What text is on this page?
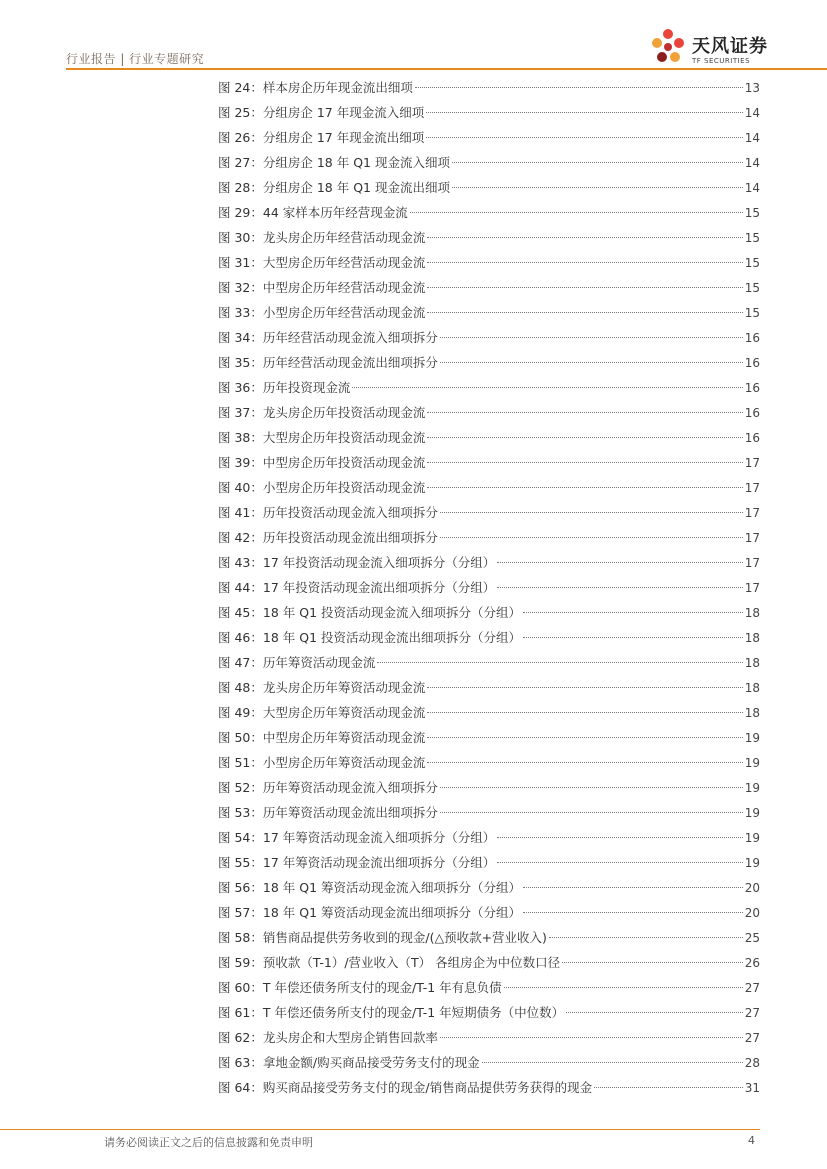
行业报告 | 行业专题研究
天风证券
TF SECURITIES
图 24：样本房企历年现金流出细项	13
图 25：分组房企 17 年现金流入细项	14
图 26：分组房企 17 年现金流出细项	14
图 27：分组房企 18 年 Q1 现金流入细项	14
图 28：分组房企 18 年 Q1 现金流出细项	14
图 29：44 家样本历年经营现金流	15
图 30：龙头房企历年经营活动现金流	15
图 31：大型房企历年经营活动现金流	15
图 32：中型房企历年经营活动现金流	15
图 33：小型房企历年经营活动现金流	15
图 34：历年经营活动现金流入细项拆分	16
图 35：历年经营活动现金流出细项拆分	16
图 36：历年投资现金流	16
图 37：龙头房企历年投资活动现金流	16
图 38：大型房企历年投资活动现金流	16
图 39：中型房企历年投资活动现金流	17
图 40：小型房企历年投资活动现金流	17
图 41：历年投资活动现金流入细项拆分	17
图 42：历年投资活动现金流出细项拆分	17
图 43：17 年投资活动现金流入细项拆分（分组）	17
图 44：17 年投资活动现金流出细项拆分（分组）	17
图 45：18 年 Q1 投资活动现金流入细项拆分（分组）	18
图 46：18 年 Q1 投资活动现金流出细项拆分（分组）	18
图 47：历年筹资活动现金流	18
图 48：龙头房企历年筹资活动现金流	18
图 49：大型房企历年筹资活动现金流	18
图 50：中型房企历年筹资活动现金流	19
图 51：小型房企历年筹资活动现金流	19
图 52：历年筹资活动现金流入细项拆分	19
图 53：历年筹资活动现金流出细项拆分	19
图 54：17 年筹资活动现金流入细项拆分（分组）	19
图 55：17 年筹资活动现金流出细项拆分（分组）	19
图 56：18 年 Q1 筹资活动现金流入细项拆分（分组）	20
图 57：18 年 Q1 筹资活动现金流出细项拆分（分组）	20
图 58：销售商品提供劳务收到的现金/(△预收款+营业收入)	25
图 59：预收款（T-1）/营业收入（T） 各组房企为中位数口径	26
图 60：T 年偿还债务所支付的现金/T-1 年有息负债	27
图 61：T 年偿还债务所支付的现金/T-1 年短期债务（中位数）	27
图 62：龙头房企和大型房企销售回款率	27
图 63：拿地金额/购买商品接受劳务支付的现金	28
图 64：购买商品接受劳务支付的现金/销售商品提供劳务获得的现金	31
请务必阅读正文之后的信息披露和免责申明	4
